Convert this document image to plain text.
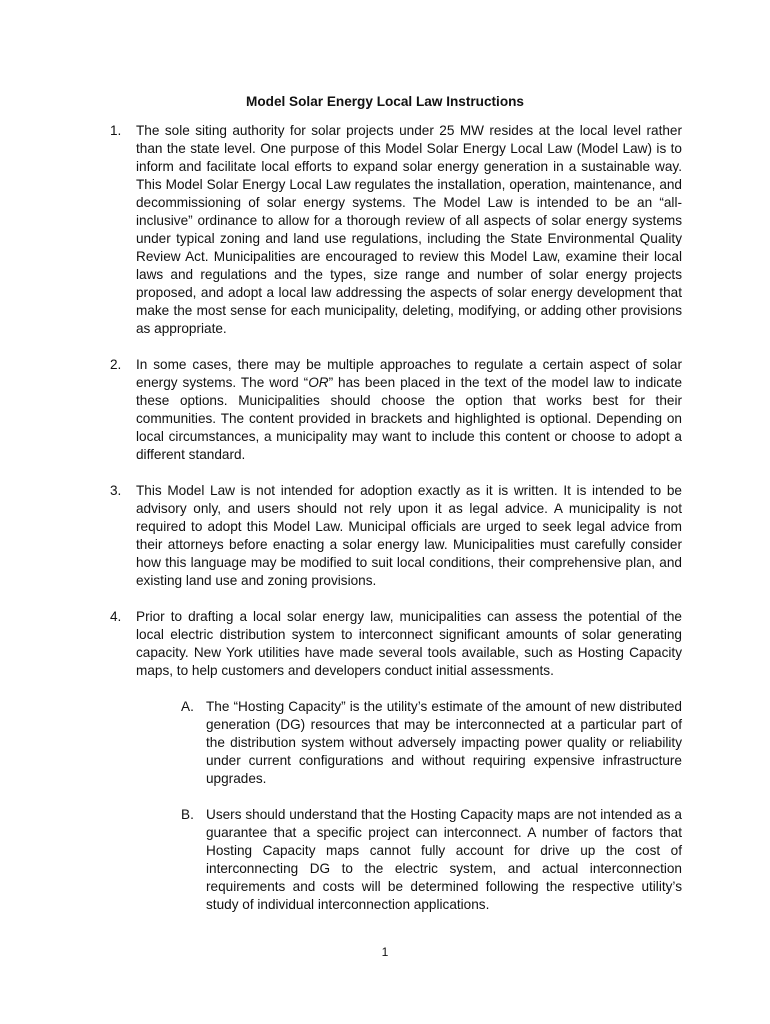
Model Solar Energy Local Law Instructions
1. The sole siting authority for solar projects under 25 MW resides at the local level rather than the state level. One purpose of this Model Solar Energy Local Law (Model Law) is to inform and facilitate local efforts to expand solar energy generation in a sustainable way. This Model Solar Energy Local Law regulates the installation, operation, maintenance, and decommissioning of solar energy systems. The Model Law is intended to be an “all-inclusive” ordinance to allow for a thorough review of all aspects of solar energy systems under typical zoning and land use regulations, including the State Environmental Quality Review Act. Municipalities are encouraged to review this Model Law, examine their local laws and regulations and the types, size range and number of solar energy projects proposed, and adopt a local law addressing the aspects of solar energy development that make the most sense for each municipality, deleting, modifying, or adding other provisions as appropriate.

2. In some cases, there may be multiple approaches to regulate a certain aspect of solar energy systems. The word “OR” has been placed in the text of the model law to indicate these options. Municipalities should choose the option that works best for their communities. The content provided in brackets and highlighted is optional. Depending on local circumstances, a municipality may want to include this content or choose to adopt a different standard.

3. This Model Law is not intended for adoption exactly as it is written. It is intended to be advisory only, and users should not rely upon it as legal advice. A municipality is not required to adopt this Model Law. Municipal officials are urged to seek legal advice from their attorneys before enacting a solar energy law. Municipalities must carefully consider how this language may be modified to suit local conditions, their comprehensive plan, and existing land use and zoning provisions.

4. Prior to drafting a local solar energy law, municipalities can assess the potential of the local electric distribution system to interconnect significant amounts of solar generating capacity. New York utilities have made several tools available, such as Hosting Capacity maps, to help customers and developers conduct initial assessments.

A. The “Hosting Capacity” is the utility’s estimate of the amount of new distributed generation (DG) resources that may be interconnected at a particular part of the distribution system without adversely impacting power quality or reliability under current configurations and without requiring expensive infrastructure upgrades.

B. Users should understand that the Hosting Capacity maps are not intended as a guarantee that a specific project can interconnect. A number of factors that Hosting Capacity maps cannot fully account for drive up the cost of interconnecting DG to the electric system, and actual interconnection requirements and costs will be determined following the respective utility’s study of individual interconnection applications.

1
